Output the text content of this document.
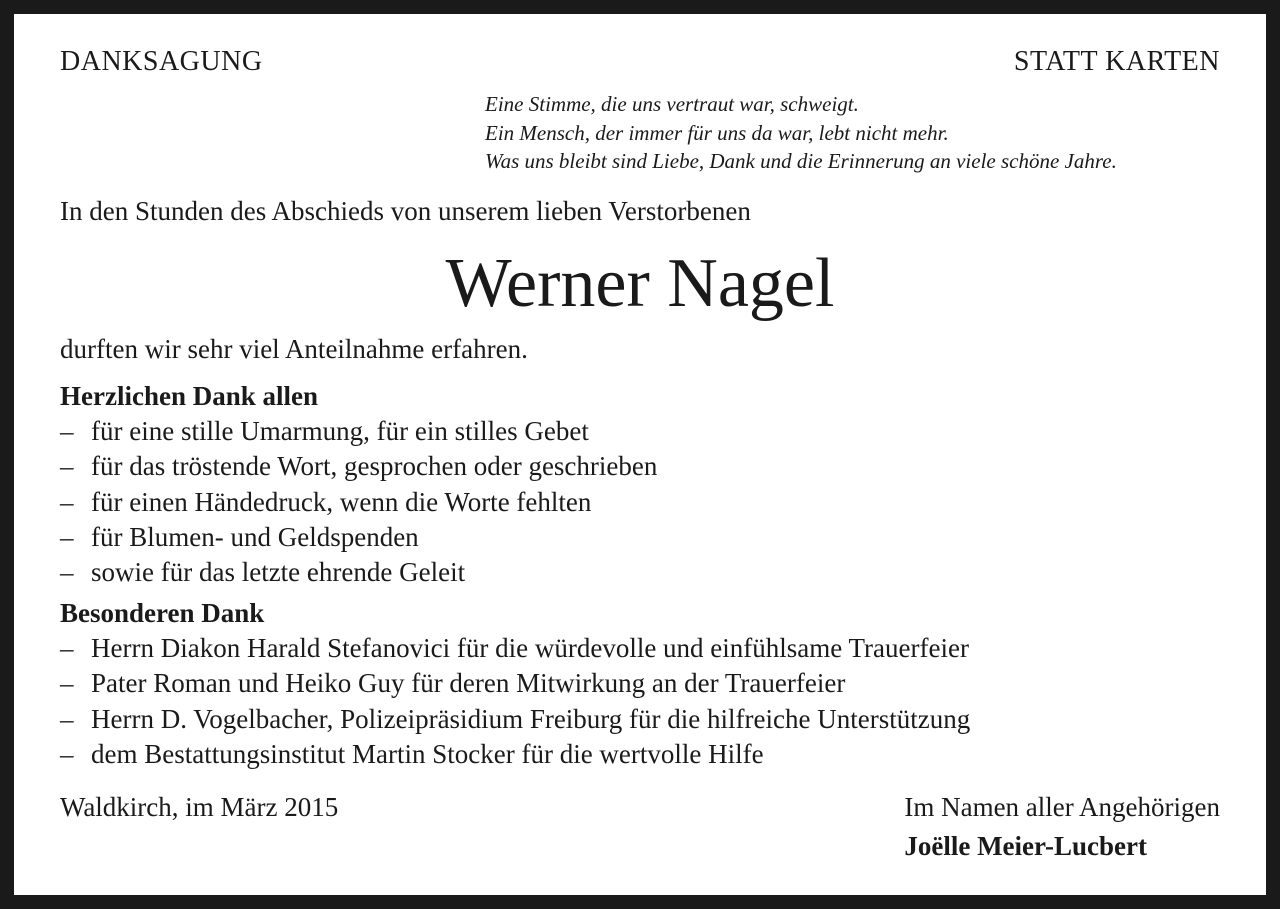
DANKSAGUNG	STATT KARTEN
Eine Stimme, die uns vertraut war, schweigt.
Ein Mensch, der immer für uns da war, lebt nicht mehr.
Was uns bleibt sind Liebe, Dank und die Erinnerung an viele schöne Jahre.
In den Stunden des Abschieds von unserem lieben Verstorbenen
Werner Nagel
durften wir sehr viel Anteilnahme erfahren.
Herzlichen Dank allen
– für eine stille Umarmung, für ein stilles Gebet
– für das tröstende Wort, gesprochen oder geschrieben
– für einen Händedruck, wenn die Worte fehlten
– für Blumen- und Geldspenden
– sowie für das letzte ehrende Geleit
Besonderen Dank
– Herrn Diakon Harald Stefanovici für die würdevolle und einfühlsame Trauerfeier
– Pater Roman und Heiko Guy für deren Mitwirkung an der Trauerfeier
– Herrn D. Vogelbacher, Polizeipräsidium Freiburg für die hilfreiche Unterstützung
– dem Bestattungsinstitut Martin Stocker für die wertvolle Hilfe
Waldkirch, im März 2015	Im Namen aller Angehörigen
Joëlle Meier-Lucbert
